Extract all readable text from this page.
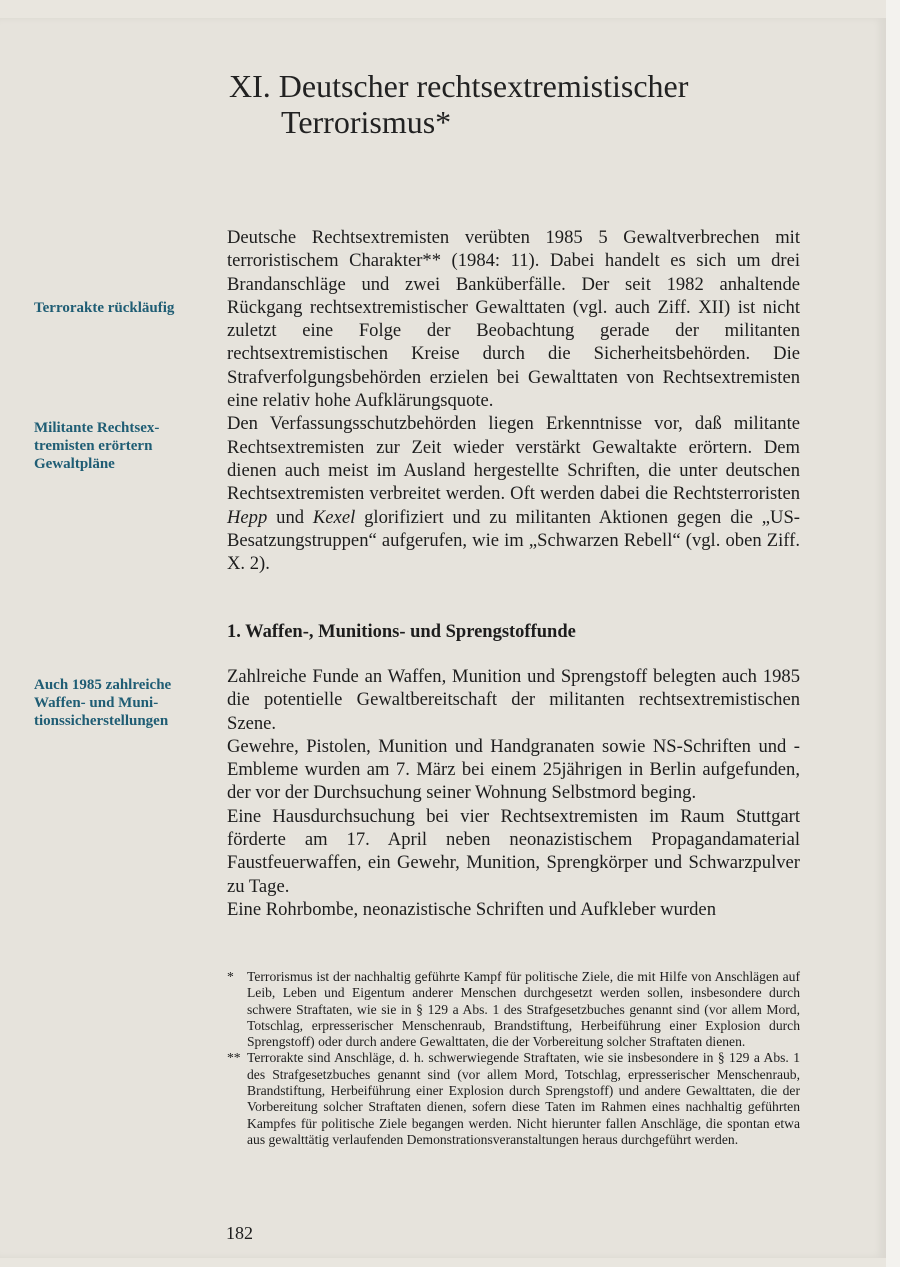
XI. Deutscher rechtsextremistischer
Terrorismus*
Terrorakte rückläufig
Militante Rechtsex-tremisten erörtern Gewaltpläne
Auch 1985 zahlreiche Waffen- und Muni-tionssicherstellungen

Deutsche Rechtsextremisten verübten 1985 5 Gewaltverbrechen mit terroristischem Charakter** (1984: 11). Dabei handelt es sich um drei Brandanschläge und zwei Banküberfälle. Der seit 1982 anhaltende Rückgang rechtsextremistischer Gewalttaten (vgl. auch Ziff. XII) ist nicht zuletzt eine Folge der Beobachtung gerade der militanten rechtsextremistischen Kreise durch die Sicherheitsbehörden. Die Strafverfolgungsbehörden erzielen bei Gewalttaten von Rechtsextremisten eine relativ hohe Aufklärungsquote.

Den Verfassungsschutzbehörden liegen Erkenntnisse vor, daß militante Rechtsextremisten zur Zeit wieder verstärkt Gewaltakte erörtern. Dem dienen auch meist im Ausland hergestellte Schriften, die unter deutschen Rechtsextremisten verbreitet werden. Oft werden dabei die Rechtsterroristen Hepp und Kexel glorifiziert und zu militanten Aktionen gegen die „US-Besatzungstruppen“ aufgerufen, wie im „Schwarzen Rebell“ (vgl. oben Ziff. X. 2).

1. Waffen-, Munitions- und Sprengstoffunde

Zahlreiche Funde an Waffen, Munition und Sprengstoff belegten auch 1985 die potentielle Gewaltbereitschaft der militanten rechtsextremistischen Szene.

Gewehre, Pistolen, Munition und Handgranaten sowie NS-Schriften und -Embleme wurden am 7. März bei einem 25jährigen in Berlin aufgefunden, der vor der Durchsuchung seiner Wohnung Selbstmord beging.

Eine Hausdurchsuchung bei vier Rechtsextremisten im Raum Stuttgart förderte am 17. April neben neonazistischem Propagandamaterial Faustfeuerwaffen, ein Gewehr, Munition, Sprengkörper und Schwarzpulver zu Tage.

Eine Rohrbombe, neonazistische Schriften und Aufkleber wurden

* Terrorismus ist der nachhaltig geführte Kampf für politische Ziele, die mit Hilfe von Anschlägen auf Leib, Leben und Eigentum anderer Menschen durchgesetzt werden sollen, insbesondere durch schwere Straftaten, wie sie in § 129 a Abs. 1 des Strafgesetzbuches genannt sind (vor allem Mord, Totschlag, erpresserischer Menschenraub, Brandstiftung, Herbeiführung einer Explosion durch Sprengstoff) oder durch andere Gewalttaten, die der Vorbereitung solcher Straftaten dienen.
** Terrorakte sind Anschläge, d. h. schwerwiegende Straftaten, wie sie insbesondere in § 129 a Abs. 1 des Strafgesetzbuches genannt sind (vor allem Mord, Totschlag, erpresserischer Menschenraub, Brandstiftung, Herbeiführung einer Explosion durch Sprengstoff) und andere Gewalttaten, die der Vorbereitung solcher Straftaten dienen, sofern diese Taten im Rahmen eines nachhaltig geführten Kampfes für politische Ziele begangen werden. Nicht hierunter fallen Anschläge, die spontan etwa aus gewalttätig verlaufenden Demonstrationsveranstaltungen heraus durchgeführt werden.
182
